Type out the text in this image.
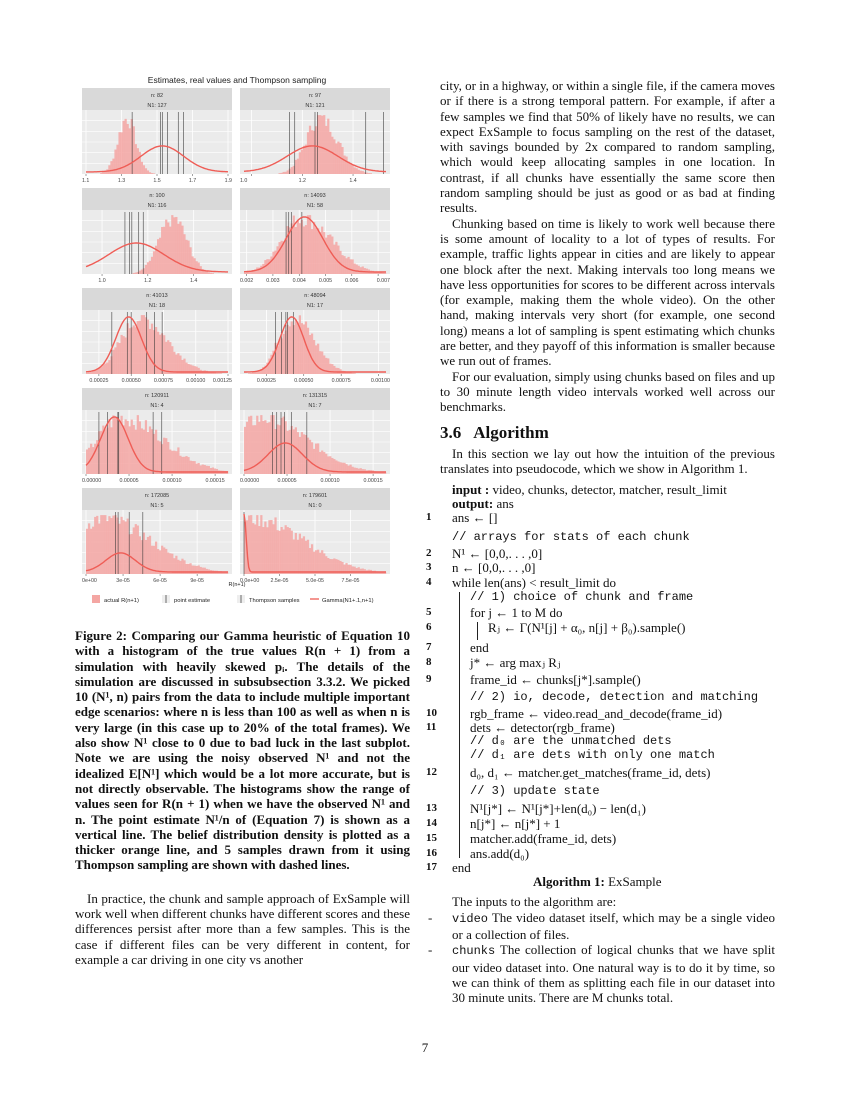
Estimates, real values and Thompson sampling
n: 82
N1: 127
n: 97
N1: 121
n: 100
N1: 116
n: 14093
N1: 58
n: 41013
N1: 18
n: 48094
N1: 17
n: 120911
N1: 4
n: 131315
N1: 7
n: 172085
N1: 5
n: 179601
N1: 0
1.1	1.3	1.5	1.7	1.9 1.0	1.2	1.4
1.0	1.2	1.4	0.002 0.003 0.004 0.005 0.006	0.007
0.00025 0.00050 0.00075 0.00100 0.00125	0.00025	0.00050	0.00075	0.00100
0.00000	0.00005	0.00010	0.00015	0.00000	0.00005	0.00010	0.00015
0e+00	3e-05	6e-05	9e-05	0.0e+00 2.5e-05	5.0e-05	7.5e-05
R(n+1)
actual R(n+1)	point estimate	Thompson samples	Gamma(N1+.1,n+1)
Figure 2: Comparing our Gamma heuristic of Equation 10 with a histogram of the true values R(n + 1) from a simulation with heavily skewed pᵢ. The details of the simulation are discussed in subsubsection 3.3.2. We picked 10 (N¹, n) pairs from the data to include multiple important edge scenarios: where n is less than 100 as well as when n is very large (in this case up to 20% of the total frames). We also show N¹ close to 0 due to bad luck in the last subplot. Note we are using the noisy observed N¹ and not the idealized E[N¹] which would be a lot more accurate, but is not directly observable. The histograms show the range of values seen for R(n + 1) when we have the observed N¹ and n. The point estimate N¹/n of (Equation 7) is shown as a vertical line. The belief distribution density is plotted as a thicker orange line, and 5 samples drawn from it using Thompson sampling are shown with dashed lines.

In practice, the chunk and sample approach of ExSample will work well when different chunks have different scores and these differences persist after more than a few samples. This is the case if different files can be very different in content, for example a car driving in one city vs another

city, or in a highway, or within a single file, if the camera moves or if there is a strong temporal pattern. For example, if after a few samples we find that 50% of likely have no results, we can expect ExSample to focus sampling on the rest of the dataset, with savings bounded by 2x compared to random sampling, which would keep allocating samples in one location. In contrast, if all chunks have essentially the same score then random sampling should be just as good or as bad at finding results.

Chunking based on time is likely to work well because there is some amount of locality to a lot of types of results. For example, traffic lights appear in cities and are likely to appear one block after the next. Making intervals too long means we have less opportunities for scores to be different across intervals (for example, making them the whole video). On the other hand, making intervals very short (for example, one second long) means a lot of sampling is spent estimating which chunks are better, and they payoff of this information is smaller because we run out of frames.

For our evaluation, simply using chunks based on files and up to 30 minute length video intervals worked well across our benchmarks.

3.6 Algorithm

In this section we lay out how the intuition of the previous translates into pseudocode, which we show in Algorithm 1.

input : video, chunks, detector, matcher, result_limit
output: ans
1	ans ← []
// arrays for stats of each chunk
2	N¹ ← [0,0,. . . ,0]
3	n ← [0,0,. . . ,0]
4	while len(ans) < result_limit do
// 1) choice of chunk and frame
5	for j ← 1 to M do
6	Rⱼ ← Γ(N¹[j] + α₀, n[j] + β₀).sample()
7	end
8	j* ← arg maxⱼ Rⱼ
9	frame_id ← chunks[j*].sample()
// 2) io, decode, detection and matching
10	rgb_frame ← video.read_and_decode(frame_id)
11	dets ← detector(rgb_frame)
// d₀ are the unmatched dets
// d₁ are dets with only one match
12	d₀, d₁ ← matcher.get_matches(frame_id, dets)
// 3) update state
13	N¹[j*] ← N¹[j*]+len(d₀) − len(d₁)
14	n[j*] ← n[j*] + 1
15	matcher.add(frame_id, dets)
16	ans.add(d₀)
17	end
Algorithm 1: ExSample

The inputs to the algorithm are:

- video The video dataset itself, which may be a single video or a collection of files.

- chunks The collection of logical chunks that we have split our video dataset into. One natural way is to do it by time, so we can think of them as splitting each file in our dataset into 30 minute units. There are M chunks total.

7
